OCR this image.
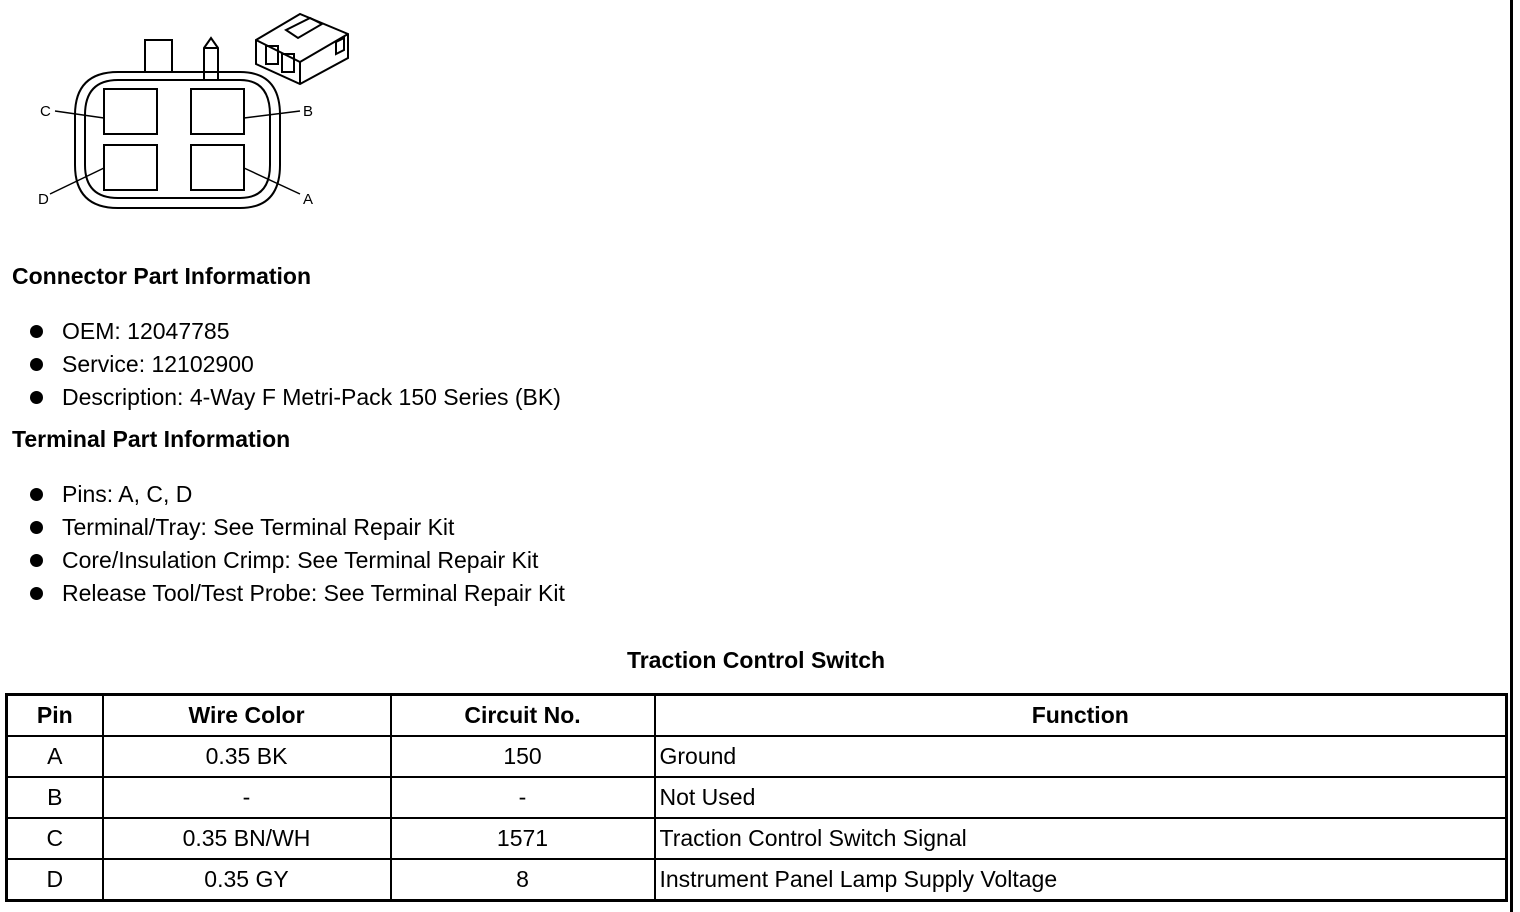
C	B
D	A
Connector Part Information
OEM: 12047785
Service: 12102900
Description: 4-Way F Metri-Pack 150 Series (BK)
Terminal Part Information
Pins: A, C, D
Terminal/Tray: See Terminal Repair Kit
Core/Insulation Crimp: See Terminal Repair Kit
Release Tool/Test Probe: See Terminal Repair Kit
Traction Control Switch
Pin	Wire Color	Circuit No.	Function
A	0.35 BK	150	Ground
B	-	-	Not Used
C	0.35 BN/WH	1571	Traction Control Switch Signal
D	0.35 GY	8	Instrument Panel Lamp Supply Voltage
